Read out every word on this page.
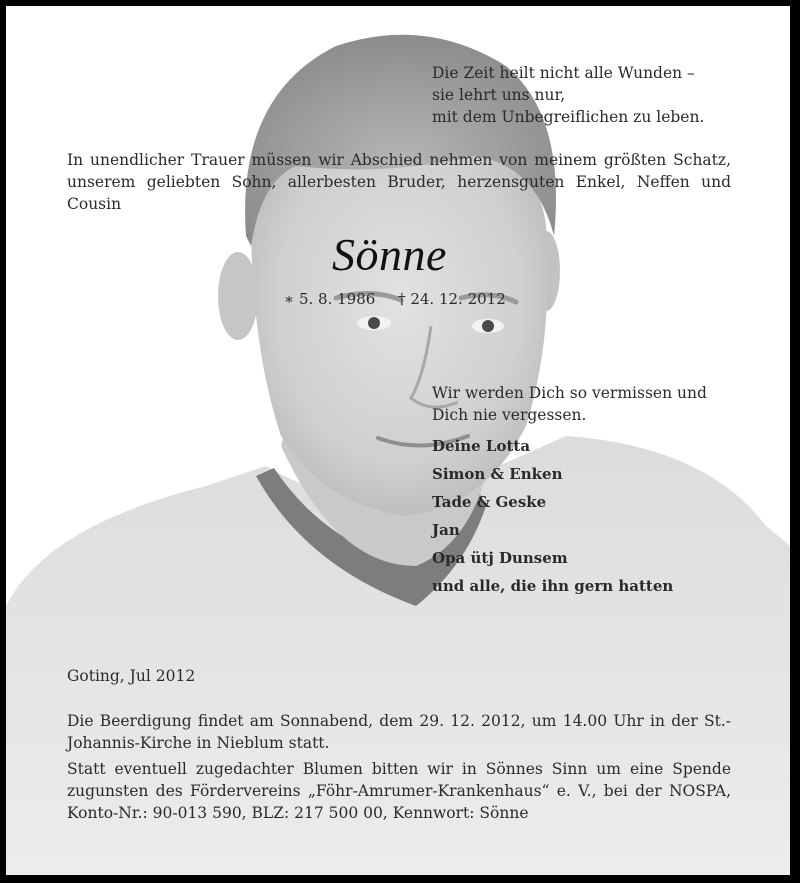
Die Zeit heilt nicht alle Wunden –
sie lehrt uns nur,
mit dem Unbegreiflichen zu leben.
In unendlicher Trauer müssen wir Abschied nehmen von meinem größten Schatz, unserem geliebten Sohn, allerbesten Bruder, herzensguten Enkel, Neffen und Cousin
Sönne
∗ 5. 8. 1986 † 24. 12. 2012
Wir werden Dich so vermissen und
Dich nie vergessen.
Deine Lotta
Simon & Enken
Tade & Geske
Jan
Opa ütj Dunsem
und alle, die ihn gern hatten
Goting, Jul 2012
Die Beerdigung findet am Sonnabend, dem 29. 12. 2012, um 14.00 Uhr in der St.-Johannis-Kirche in Nieblum statt.
Statt eventuell zugedachter Blumen bitten wir in Sönnes Sinn um eine Spende zugunsten des Fördervereins „Föhr-Amrumer-Krankenhaus“ e. V., bei der NOSPA, Konto-Nr.: 90-013 590, BLZ: 217 500 00, Kennwort: Sönne
